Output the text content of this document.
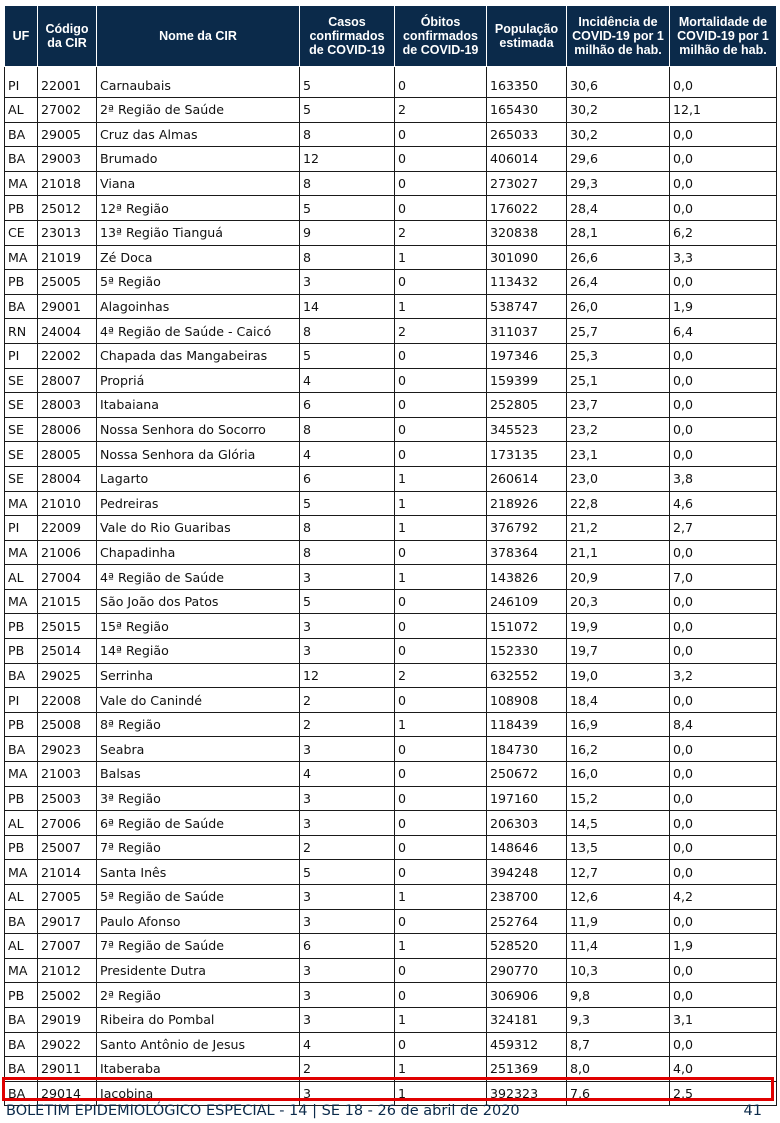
UF	Código da CIR	Nome da CIR	Casos confirmados de COVID-19	Óbitos confirmados de COVID-19	População estimada	Incidência de COVID-19 por 1 milhão de hab.	Mortalidade de COVID-19 por 1 milhão de hab.
PI	22001	Carnaubais	5	0	163350	30,6	0,0
AL	27002	2ª Região de Saúde	5	2	165430	30,2	12,1
BA	29005	Cruz das Almas	8	0	265033	30,2	0,0
BA	29003	Brumado	12	0	406014	29,6	0,0
MA	21018	Viana	8	0	273027	29,3	0,0
PB	25012	12ª Região	5	0	176022	28,4	0,0
CE	23013	13ª Região Tianguá	9	2	320838	28,1	6,2
MA	21019	Zé Doca	8	1	301090	26,6	3,3
PB	25005	5ª Região	3	0	113432	26,4	0,0
BA	29001	Alagoinhas	14	1	538747	26,0	1,9
RN	24004	4ª Região de Saúde - Caicó	8	2	311037	25,7	6,4
PI	22002	Chapada das Mangabeiras	5	0	197346	25,3	0,0
SE	28007	Propriá	4	0	159399	25,1	0,0
SE	28003	Itabaiana	6	0	252805	23,7	0,0
SE	28006	Nossa Senhora do Socorro	8	0	345523	23,2	0,0
SE	28005	Nossa Senhora da Glória	4	0	173135	23,1	0,0
SE	28004	Lagarto	6	1	260614	23,0	3,8
MA	21010	Pedreiras	5	1	218926	22,8	4,6
PI	22009	Vale do Rio Guaribas	8	1	376792	21,2	2,7
MA	21006	Chapadinha	8	0	378364	21,1	0,0
AL	27004	4ª Região de Saúde	3	1	143826	20,9	7,0
MA	21015	São João dos Patos	5	0	246109	20,3	0,0
PB	25015	15ª Região	3	0	151072	19,9	0,0
PB	25014	14ª Região	3	0	152330	19,7	0,0
BA	29025	Serrinha	12	2	632552	19,0	3,2
PI	22008	Vale do Canindé	2	0	108908	18,4	0,0
PB	25008	8ª Região	2	1	118439	16,9	8,4
BA	29023	Seabra	3	0	184730	16,2	0,0
MA	21003	Balsas	4	0	250672	16,0	0,0
PB	25003	3ª Região	3	0	197160	15,2	0,0
AL	27006	6ª Região de Saúde	3	0	206303	14,5	0,0
PB	25007	7ª Região	2	0	148646	13,5	0,0
MA	21014	Santa Inês	5	0	394248	12,7	0,0
AL	27005	5ª Região de Saúde	3	1	238700	12,6	4,2
BA	29017	Paulo Afonso	3	0	252764	11,9	0,0
AL	27007	7ª Região de Saúde	6	1	528520	11,4	1,9
MA	21012	Presidente Dutra	3	0	290770	10,3	0,0
PB	25002	2ª Região	3	0	306906	9,8	0,0
BA	29019	Ribeira do Pombal	3	1	324181	9,3	3,1
BA	29022	Santo Antônio de Jesus	4	0	459312	8,7	0,0
BA	29011	Itaberaba	2	1	251369	8,0	4,0
BA	29014	Jacobina	3	1	392323	7,6	2,5
BOLETIM EPIDEMIOLÓGICO ESPECIAL - 14 | SE 18 - 26 de abril de 2020	41
